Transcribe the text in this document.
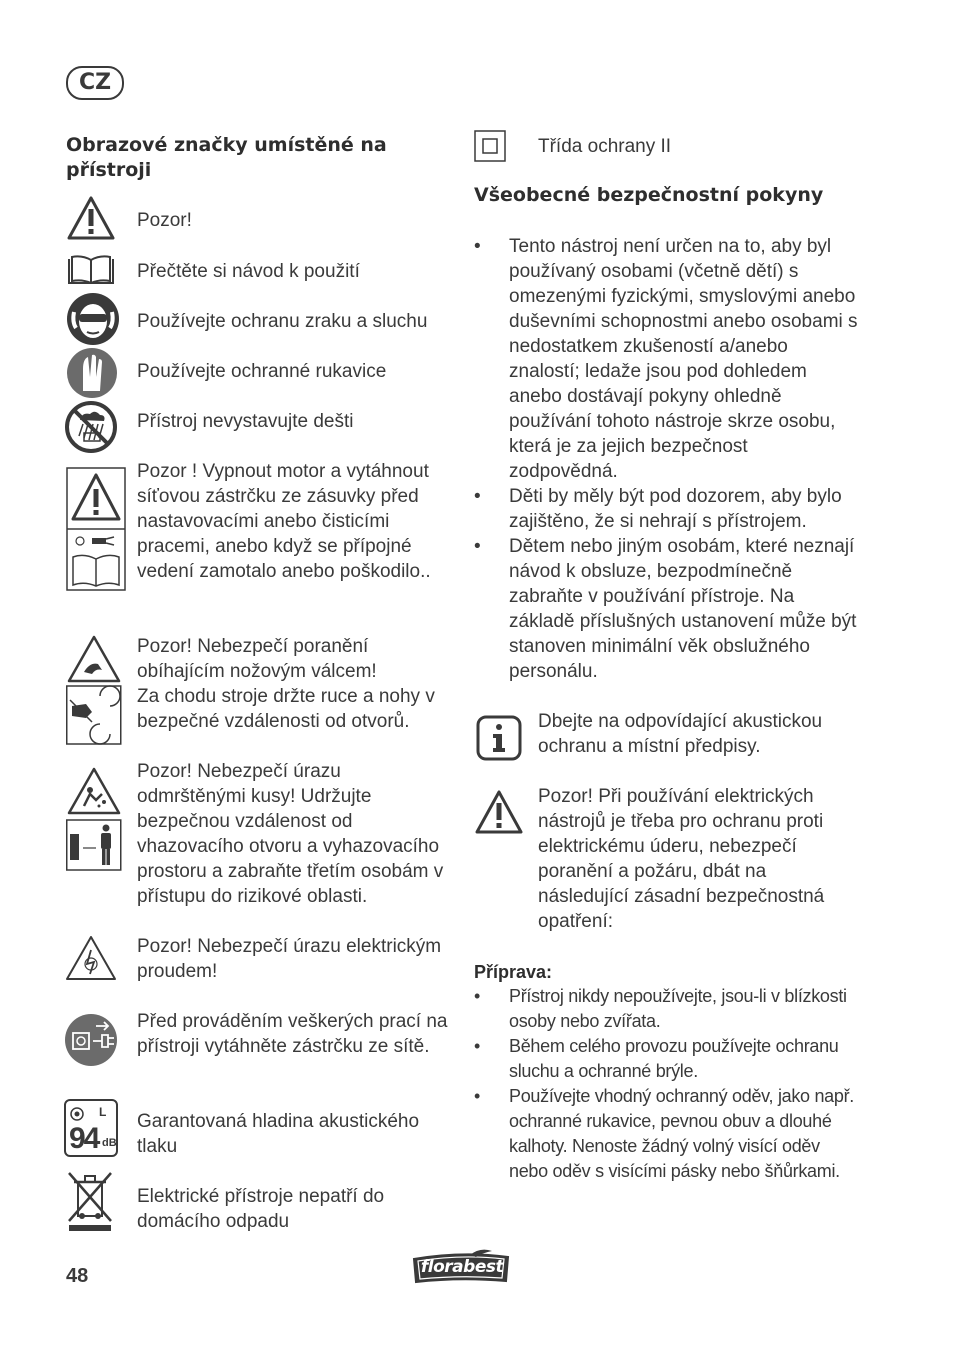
CZ
Obrazové značky umístěné na přístroji
Pozor!
Přečtěte si návod k použití
Používejte ochranu zraku a sluchu
Používejte ochranné rukavice
Přístroj nevystavujte dešti
Pozor ! Vypnout motor a vytáhnout síťovou zástrčku ze zásuvky před nastavovacími anebo čisticími pracemi, anebo když se přípojné vedení zamotalo anebo poškodilo..
Pozor! Nebezpečí poranění obíhajícím nožovým válcem!
Za chodu stroje držte ruce a nohy v bezpečné vzdálenosti od otvorů.
Pozor! Nebezpečí úrazu odmrštěnými kusy! Udržujte bezpečnou vzdálenost od vhazovacího otvoru a vyhazovacího prostoru a zabraňte třetím osobám v přístupu do rizikové oblasti.
Pozor! Nebezpečí úrazu elektrickým proudem!
Před prováděním veškerých prací na přístroji vytáhněte zástrčku ze sítě.
L
94 dB
Garantovaná hladina akustického tlaku
Elektrické přístroje nepatří do domácího odpadu
Třída ochrany II
Všeobecné bezpečnostní pokyny
• Tento nástroj není určen na to, aby byl používaný osobami (včetně dětí) s omezenými fyzickými, smyslovými anebo duševními schopnostmi anebo osobami s nedostatkem zkušeností a/anebo znalostí; ledaže jsou pod dohledem anebo dostávají pokyny ohledně používání tohoto nástroje skrze osobu, která je za jejich bezpečnost zodpovědná.
• Děti by měly být pod dozorem, aby bylo zajištěno, že si nehrají s přístrojem.
• Dětem nebo jiným osobám, které neznají návod k obsluze, bezpodmínečně zabraňte v používání přístroje. Na základě příslušných ustanovení může být stanoven minimální věk obslužného personálu.
Dbejte na odpovídající akustickou ochranu a místní předpisy.
Pozor! Při používání elektrických nástrojů je třeba pro ochranu proti elektrickému úderu, nebezpečí poranění a požáru, dbát na následující zásadní bezpečnostná opatření:
Příprava:
• Přístroj nikdy nepoužívejte, jsou-li v blízkosti osoby nebo zvířata.
• Během celého provozu používejte ochranu sluchu a ochranné brýle.
• Používejte vhodný ochranný oděv, jako např. ochranné rukavice, pevnou obuv a dlouhé kalhoty. Nenoste žádný volný visící oděv nebo oděv s visícími pásky nebo šňůrkami.
48	florabest
